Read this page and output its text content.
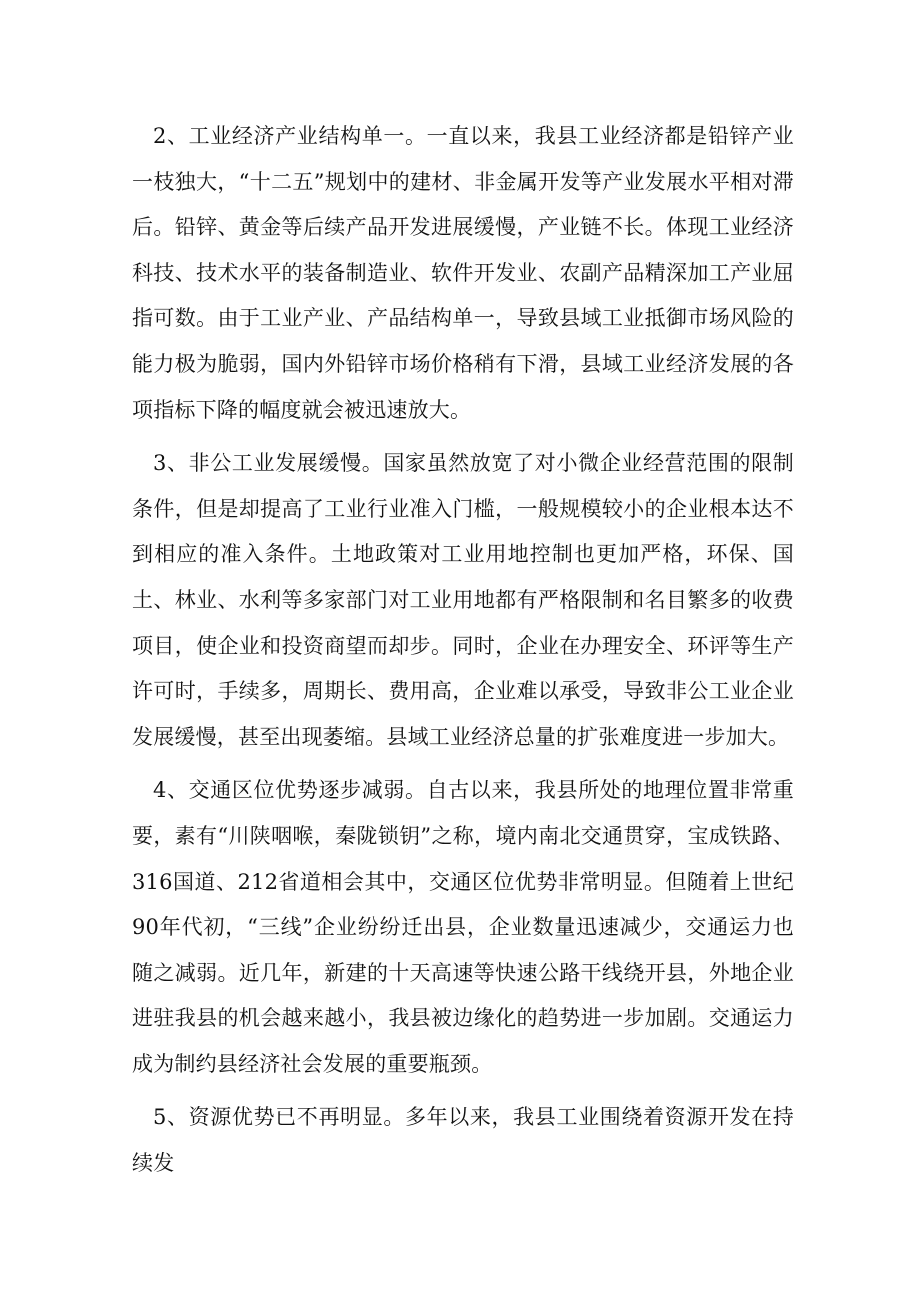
2、工业经济产业结构单一。一直以来，我县工业经济都是铅锌产业一枝独大，“十二五”规划中的建材、非金属开发等产业发展水平相对滞后。铅锌、黄金等后续产品开发进展缓慢，产业链不长。体现工业经济科技、技术水平的装备制造业、软件开发业、农副产品精深加工产业屈指可数。由于工业产业、产品结构单一，导致县域工业抵御市场风险的能力极为脆弱，国内外铅锌市场价格稍有下滑，县域工业经济发展的各项指标下降的幅度就会被迅速放大。

3、非公工业发展缓慢。国家虽然放宽了对小微企业经营范围的限制条件，但是却提高了工业行业准入门槛，一般规模较小的企业根本达不到相应的准入条件。土地政策对工业用地控制也更加严格，环保、国土、林业、水利等多家部门对工业用地都有严格限制和名目繁多的收费项目，使企业和投资商望而却步。同时，企业在办理安全、环评等生产许可时，手续多，周期长、费用高，企业难以承受，导致非公工业企业发展缓慢，甚至出现萎缩。县域工业经济总量的扩张难度进一步加大。

4、交通区位优势逐步减弱。自古以来，我县所处的地理位置非常重要，素有“川陕咽喉，秦陇锁钥”之称，境内南北交通贯穿，宝成铁路、316国道、212省道相会其中，交通区位优势非常明显。但随着上世纪90年代初，“三线”企业纷纷迁出县，企业数量迅速减少，交通运力也随之减弱。近几年，新建的十天高速等快速公路干线绕开县，外地企业进驻我县的机会越来越小，我县被边缘化的趋势进一步加剧。交通运力成为制约县经济社会发展的重要瓶颈。

5、资源优势已不再明显。多年以来，我县工业围绕着资源开发在持续发
